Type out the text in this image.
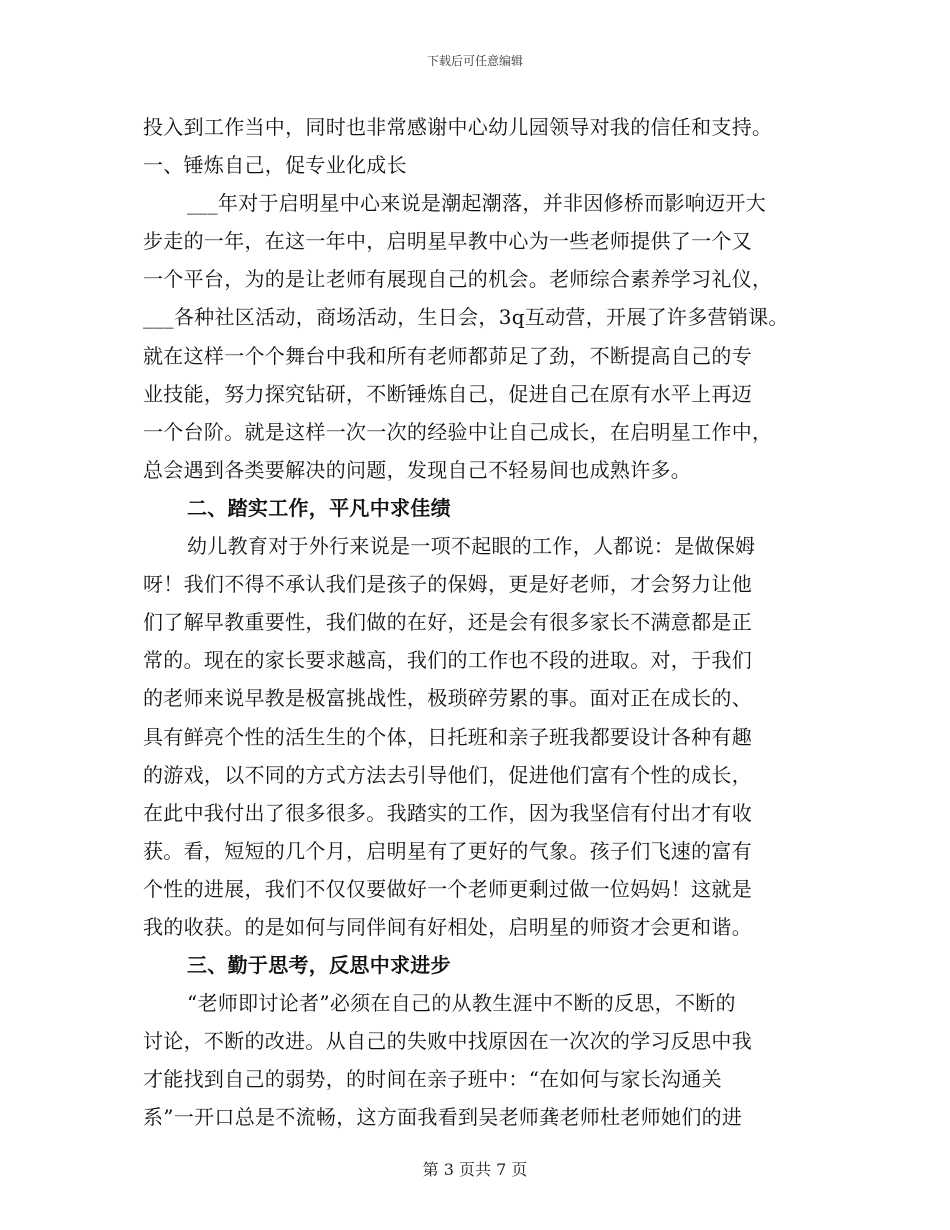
下载后可任意编辑
投入到工作当中，同时也非常感谢中心幼儿园领导对我的信任和支持。
一、锤炼自己，促专业化成长
___年对于启明星中心来说是潮起潮落，并非因修桥而影响迈开大
步走的一年，在这一年中，启明星早教中心为一些老师提供了一个又
一个平台，为的是让老师有展现自己的机会。老师综合素养学习礼仪，
___各种社区活动，商场活动，生日会，3q互动营，开展了许多营销课。
就在这样一个个舞台中我和所有老师都茆足了劲，不断提高自己的专
业技能，努力探究钻研，不断锤炼自己，促进自己在原有水平上再迈
一个台阶。就是这样一次一次的经验中让自己成长，在启明星工作中，
总会遇到各类要解决的问题，发现自己不轻易间也成熟许多。
二、踏实工作，平凡中求佳绩
幼儿教育对于外行来说是一项不起眼的工作，人都说：是做保姆
呀！我们不得不承认我们是孩子的保姆，更是好老师，才会努力让他
们了解早教重要性，我们做的在好，还是会有很多家长不满意都是正
常的。现在的家长要求越高，我们的工作也不段的进取。对，于我们
的老师来说早教是极富挑战性，极琐碎劳累的事。面对正在成长的、
具有鲜亮个性的活生生的个体，日托班和亲子班我都要设计各种有趣
的游戏，以不同的方式方法去引导他们，促进他们富有个性的成长，
在此中我付出了很多很多。我踏实的工作，因为我坚信有付出才有收
获。看，短短的几个月，启明星有了更好的气象。孩子们飞速的富有
个性的进展，我们不仅仅要做好一个老师更剩过做一位妈妈！这就是
我的收获。的是如何与同伴间有好相处，启明星的师资才会更和谐。
三、勤于思考，反思中求进步
“老师即讨论者”必须在自己的从教生涯中不断的反思，不断的
讨论，不断的改进。从自己的失败中找原因在一次次的学习反思中我
才能找到自己的弱势，的时间在亲子班中：“在如何与家长沟通关
系”一开口总是不流畅，这方面我看到吴老师龚老师杜老师她们的进
第 3 页共 7 页
